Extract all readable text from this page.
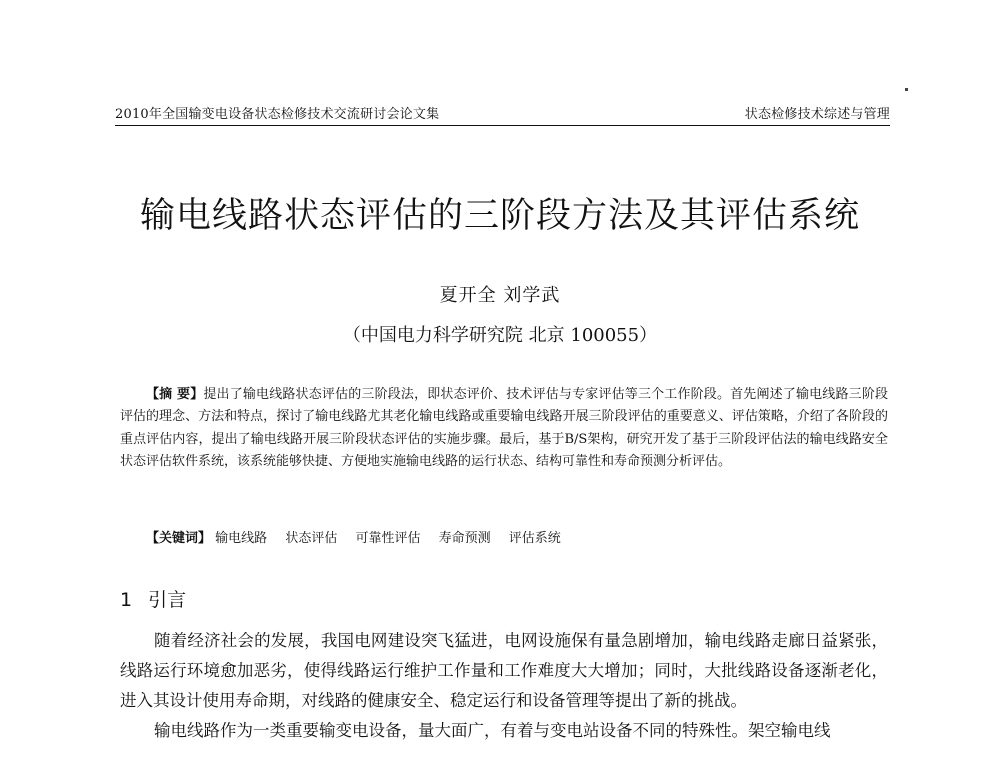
2010年全国输变电设备状态检修技术交流研讨会论文集	状态检修技术综述与管理
输电线路状态评估的三阶段方法及其评估系统
夏开全 刘学武
（中国电力科学研究院 北京 100055）
【摘 要】提出了输电线路状态评估的三阶段法，即状态评价、技术评估与专家评估等三个工作阶段。首先阐述了输电线路三阶段评估的理念、方法和特点，探讨了输电线路尤其老化输电线路或重要输电线路开展三阶段评估的重要意义、评估策略，介绍了各阶段的重点评估内容，提出了输电线路开展三阶段状态评估的实施步骤。最后，基于B/S架构，研究开发了基于三阶段评估法的输电线路安全状态评估软件系统，该系统能够快捷、方便地实施输电线路的运行状态、结构可靠性和寿命预测分析评估。
【关键词】 输电线路 状态评估 可靠性评估 寿命预测 评估系统
1 引言

随着经济社会的发展，我国电网建设突飞猛进，电网设施保有量急剧增加，输电线路走廊日益紧张，线路运行环境愈加恶劣，使得线路运行维护工作量和工作难度大大增加；同时，大批线路设备逐渐老化，进入其设计使用寿命期，对线路的健康安全、稳定运行和设备管理等提出了新的挑战。

输电线路作为一类重要输变电设备，量大面广，有着与变电站设备不同的特殊性。架空输电线
